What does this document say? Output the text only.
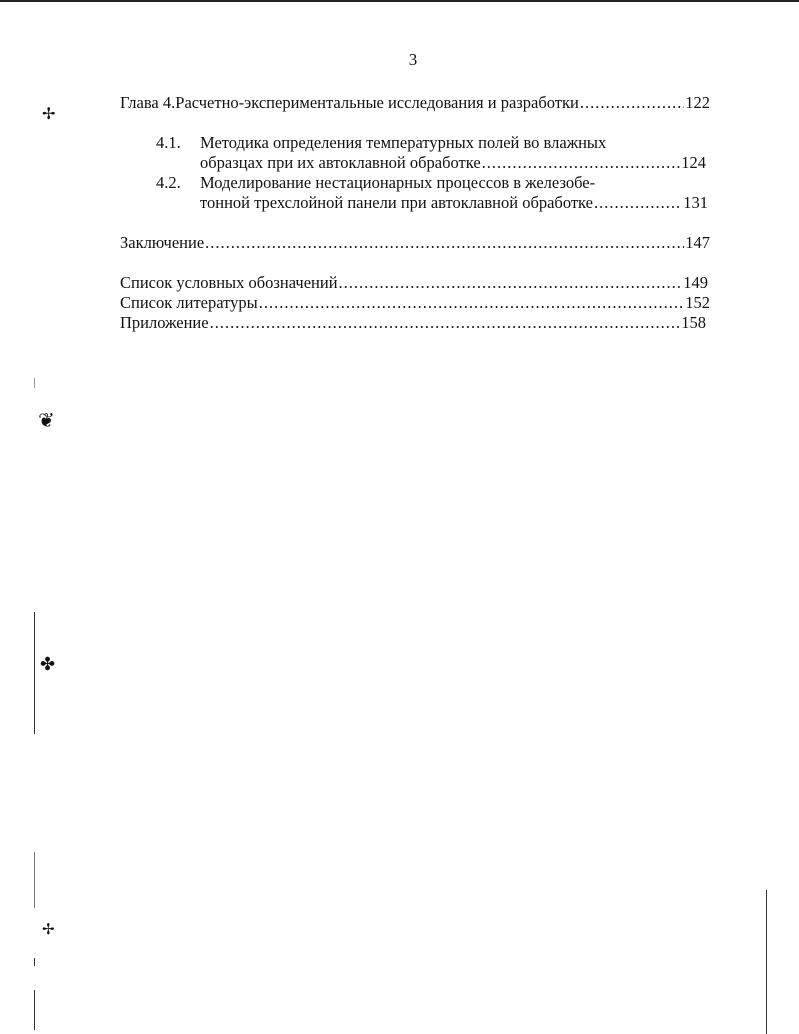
3
Глава 4. Расчетно-экспериментальные исследования и разработки .....	122
4.1. Методика определения температурных полей во влажных
образцах при их автоклавной обработке .....	124
4.2. Моделирование нестационарных процессов в железобе-
тонной трехслойной панели при автоклавной обработке .....	131
Заключение .....	147
Список условных обозначений .....	149
Список литературы .....	152
Приложение .....	158
✢
❦
✤
✢
